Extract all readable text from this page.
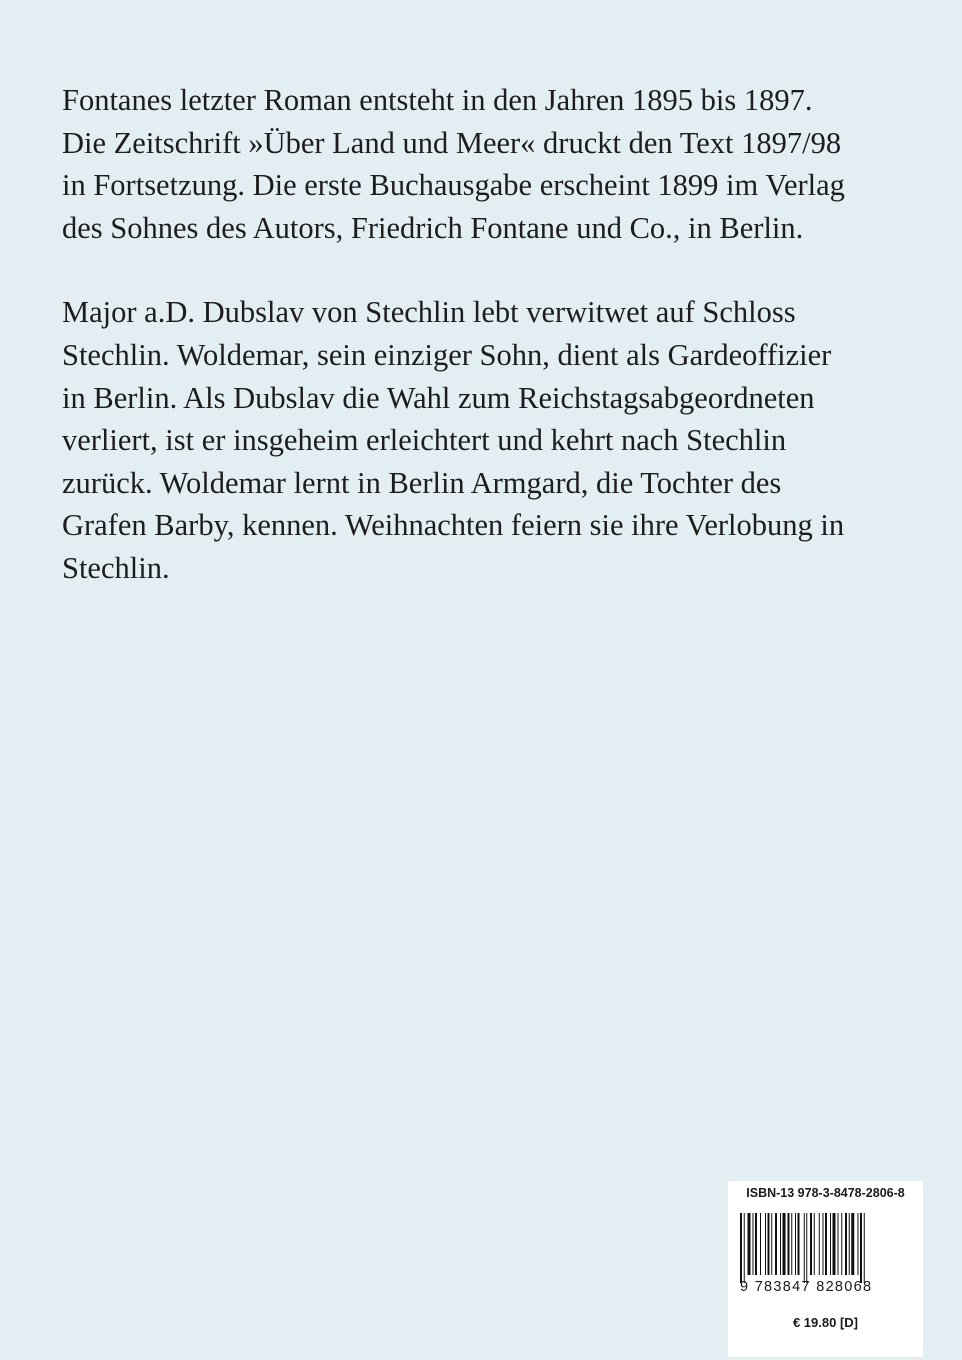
Fontanes letzter Roman entsteht in den Jahren 1895 bis 1897.
Die Zeitschrift »Über Land und Meer« druckt den Text 1897/98
in Fortsetzung. Die erste Buchausgabe erscheint 1899 im Verlag
des Sohnes des Autors, Friedrich Fontane und Co., in Berlin.

Major a.D. Dubslav von Stechlin lebt verwitwet auf Schloss
Stechlin. Woldemar, sein einziger Sohn, dient als Gardeoffizier
in Berlin. Als Dubslav die Wahl zum Reichstagsabgeordneten
verliert, ist er insgeheim erleichtert und kehrt nach Stechlin
zurück. Woldemar lernt in Berlin Armgard, die Tochter des
Grafen Barby, kennen. Weihnachten feiern sie ihre Verlobung in
Stechlin.

ISBN-13 978-3-8478-2806-8
9 783847 828068
€ 19.80 [D]
